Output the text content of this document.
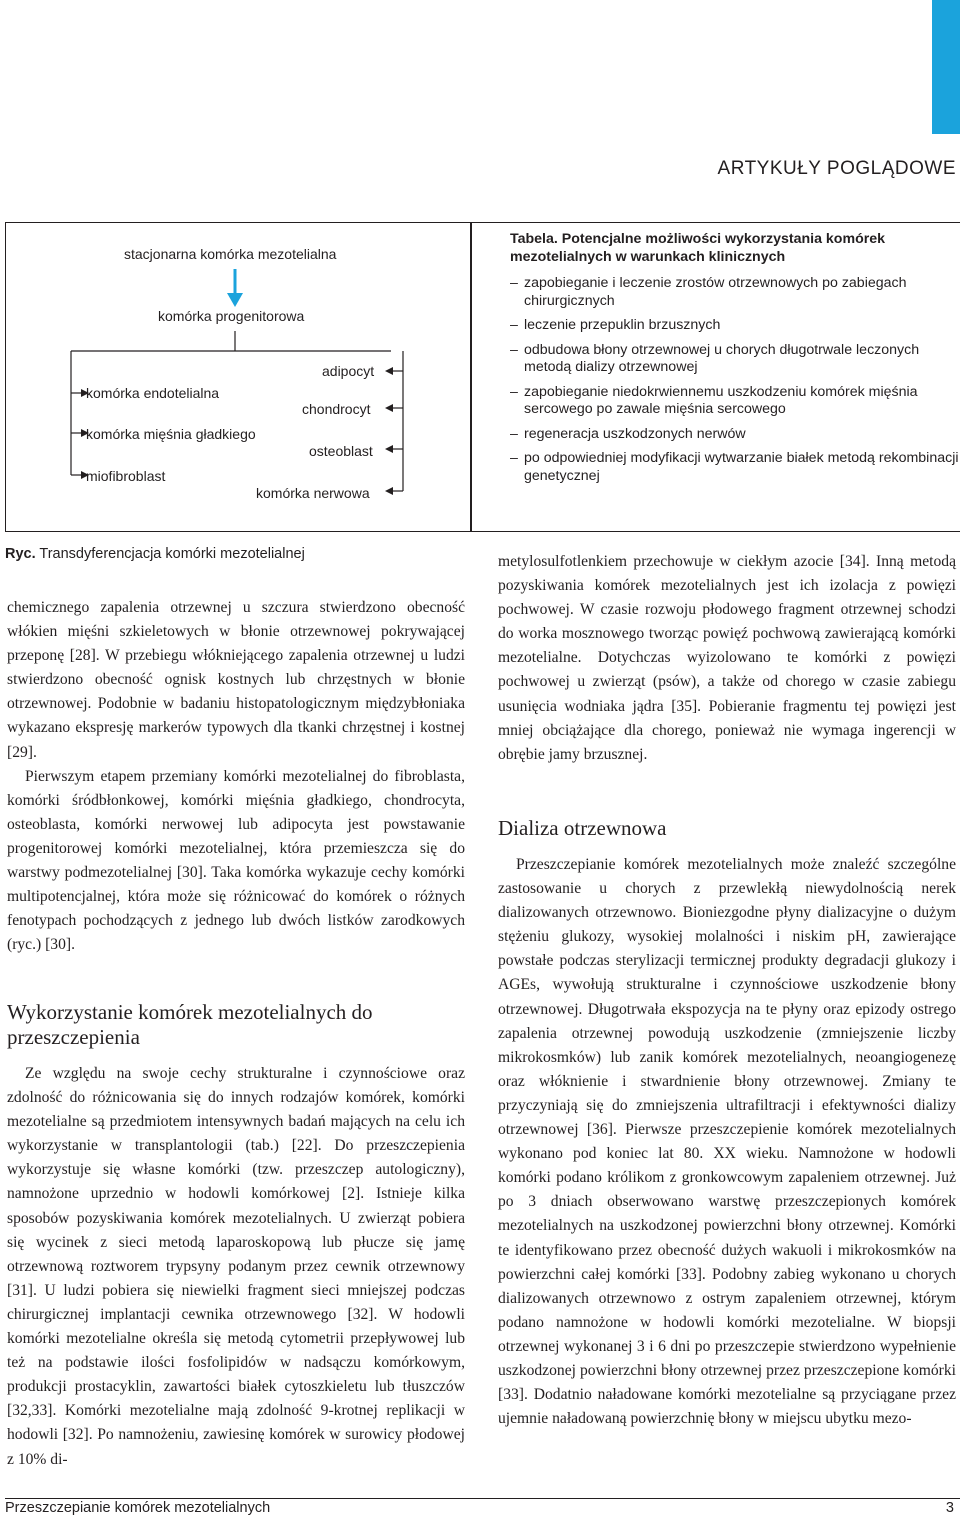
ARTYKUŁY POGLĄDOWE
stacjonarna komórka mezotelialna
komórka progenitorowa
komórka endotelialna
komórka mięśnia gładkiego
miofibroblast
adipocyt
chondrocyt
osteoblast
komórka nerwowa
Tabela. Potencjalne możliwości wykorzystania komórek mezotelialnych w warunkach klinicznych
– zapobieganie i leczenie zrostów otrzewnowych po zabiegach chirurgicznych
– leczenie przepuklin brzusznych
– odbudowa błony otrzewnowej u chorych długotrwale leczonych metodą dializy otrzewnowej
– zapobieganie niedokrwiennemu uszkodzeniu komórek mięśnia sercowego po zawale mięśnia sercowego
– regeneracja uszkodzonych nerwów
– po odpowiedniej modyfikacji wytwarzanie białek metodą rekombinacji genetycznej
Ryc. Transdyferencjacja komórki mezotelialnej

chemicznego zapalenia otrzewnej u szczura stwierdzono obecność włókien mięśni szkieletowych w błonie otrzewnowej pokrywającej przeponę [28]. W przebiegu włókniejącego zapalenia otrzewnej u ludzi stwierdzono obecność ognisk kostnych lub chrzęstnych w błonie otrzewnowej. Podobnie w badaniu histopatologicznym międzybłoniaka wykazano ekspresję markerów typowych dla tkanki chrzęstnej i kostnej [29].

Pierwszym etapem przemiany komórki mezotelialnej do fibroblasta, komórki śródbłonkowej, komórki mięśnia gładkiego, chondrocyta, osteoblasta, komórki nerwowej lub adipocyta jest powstawanie progenitorowej komórki mezotelialnej, która przemieszcza się do warstwy podmezotelialnej [30]. Taka komórka wykazuje cechy komórki multipotencjalnej, która może się różnicować do komórek o różnych fenotypach pochodzących z jednego lub dwóch listków zarodkowych (ryc.) [30].

Wykorzystanie komórek mezotelialnych do przeszczepienia

Ze względu na swoje cechy strukturalne i czynnościowe oraz zdolność do różnicowania się do innych rodzajów komórek, komórki mezotelialne są przedmiotem intensywnych badań mających na celu ich wykorzystanie w transplantologii (tab.) [22]. Do przeszczepienia wykorzystuje się własne komórki (tzw. przeszczep autologiczny), namnożone uprzednio w hodowli komórkowej [2]. Istnieje kilka sposobów pozyskiwania komórek mezotelialnych. U zwierząt pobiera się wycinek z sieci metodą laparoskopową lub płucze się jamę otrzewnową roztworem trypsyny podanym przez cewnik otrzewnowy [31]. U ludzi pobiera się niewielki fragment sieci mniejszej podczas chirurgicznej implantacji cewnika otrzewnowego [32]. W hodowli komórki mezotelialne określa się metodą cytometrii przepływowej lub też na podstawie ilości fosfolipidów w nadsączu komórkowym, produkcji prostacyklin, zawartości białek cytoszkieletu lub tłuszczów [32,33]. Komórki mezotelialne mają zdolność 9-krotnej replikacji w hodowli [32]. Po namnożeniu, zawiesinę komórek w surowicy płodowej z 10% di-

metylosulfotlenkiem przechowuje w ciekłym azocie [34]. Inną metodą pozyskiwania komórek mezotelialnych jest ich izolacja z powięzi pochwowej. W czasie rozwoju płodowego fragment otrzewnej schodzi do worka mosznowego tworząc powięź pochwową zawierającą komórki mezotelialne. Dotychczas wyizolowano te komórki z powięzi pochwowej u zwierząt (psów), a także od chorego w czasie zabiegu usunięcia wodniaka jądra [35]. Pobieranie fragmentu tej powięzi jest mniej obciążające dla chorego, ponieważ nie wymaga ingerencji w obrębie jamy brzusznej.

Dializa otrzewnowa

Przeszczepianie komórek mezotelialnych może znaleźć szczególne zastosowanie u chorych z przewlekłą niewydolnością nerek dializowanych otrzewnowo. Bioniezgodne płyny dializacyjne o dużym stężeniu glukozy, wysokiej molalności i niskim pH, zawierające powstałe podczas sterylizacji termicznej produkty degradacji glukozy i AGEs, wywołują strukturalne i czynnościowe uszkodzenie błony otrzewnowej. Długotrwała ekspozycja na te płyny oraz epizody ostrego zapalenia otrzewnej powodują uszkodzenie (zmniejszenie liczby mikrokosmków) lub zanik komórek mezotelialnych, neoangiogenezę oraz włóknienie i stwardnienie błony otrzewnowej. Zmiany te przyczyniają się do zmniejszenia ultrafiltracji i efektywności dializy otrzewnowej [36]. Pierwsze przeszczepienie komórek mezotelialnych wykonano pod koniec lat 80. XX wieku. Namnożone w hodowli komórki podano królikom z gronkowcowym zapaleniem otrzewnej. Już po 3 dniach obserwowano warstwę przeszczepionych komórek mezotelialnych na uszkodzonej powierzchni błony otrzewnej. Komórki te identyfikowano przez obecność dużych wakuoli i mikrokosmków na powierzchni całej komórki [33]. Podobny zabieg wykonano u chorych dializowanych otrzewnowo z ostrym zapaleniem otrzewnej, którym podano namnożone w hodowli komórki mezotelialne. W biopsji otrzewnej wykonanej 3 i 6 dni po przeszczepie stwierdzono wypełnienie uszkodzonej powierzchni błony otrzewnej przez przeszczepione komórki [33]. Dodatnio naładowane komórki mezotelialne są przyciągane przez ujemnie naładowaną powierzchnię błony w miejscu ubytku mezo-

Przeszczepianie komórek mezotelialnych	3
